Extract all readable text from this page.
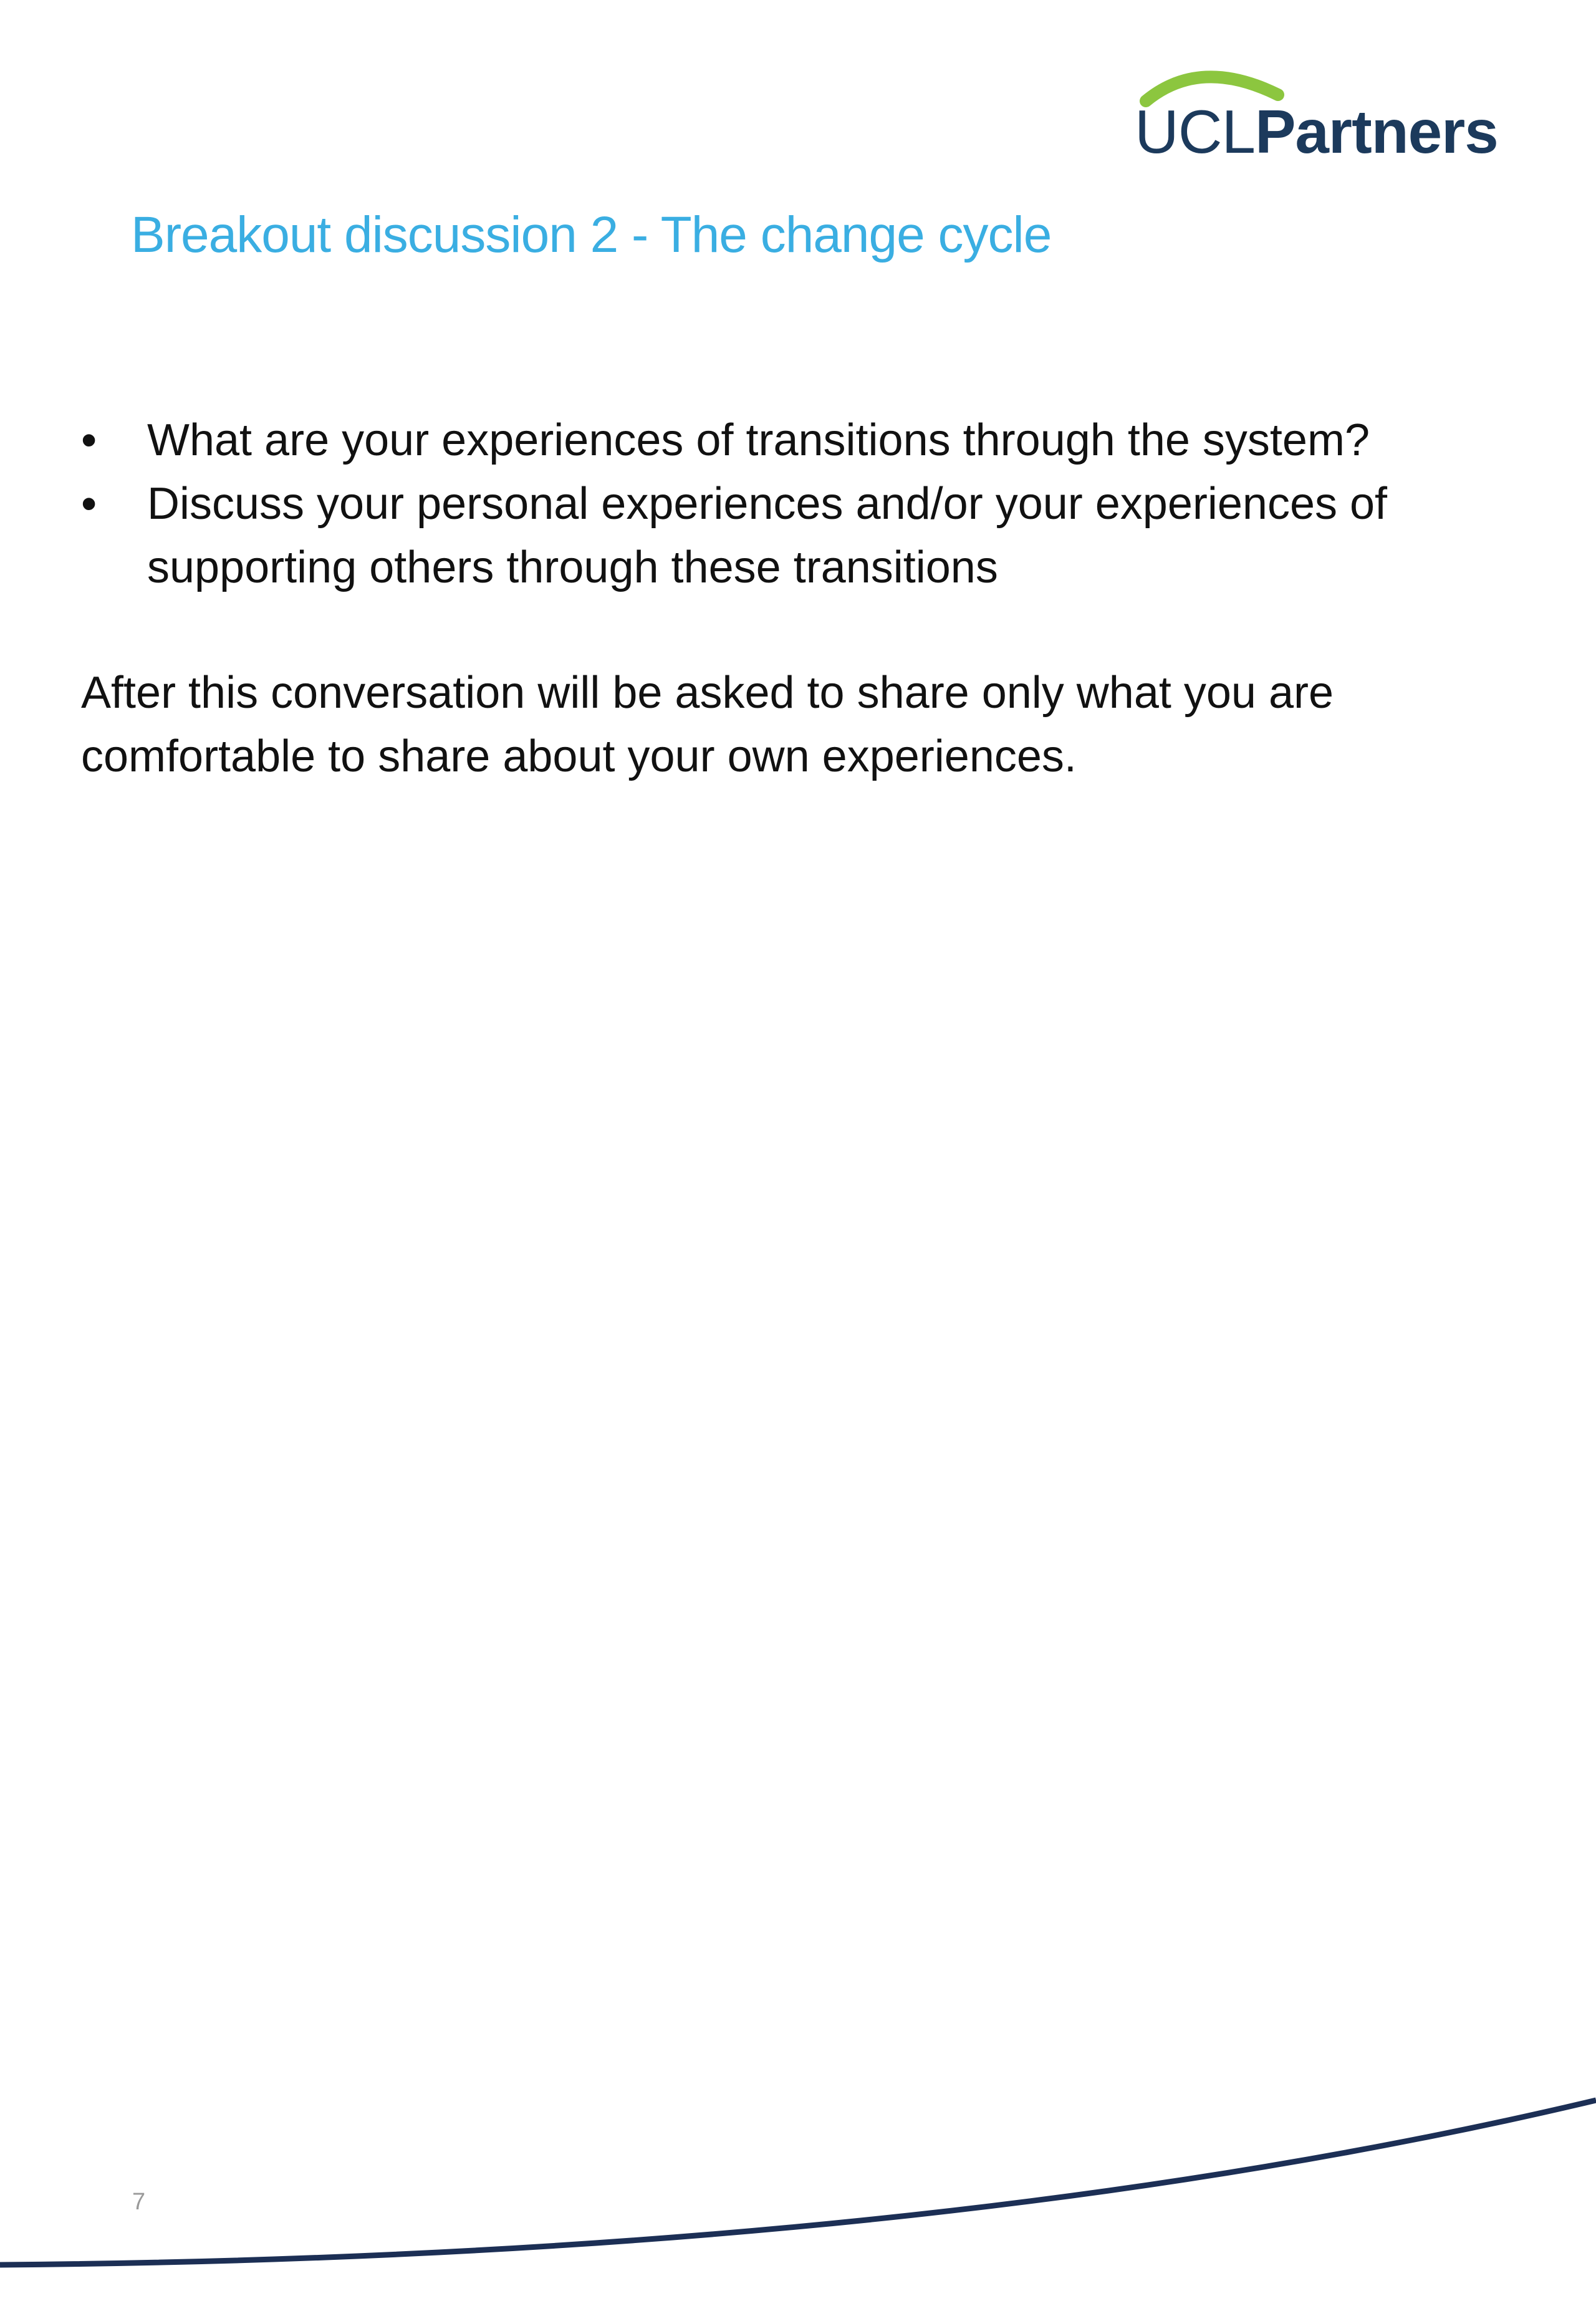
UCLPartners
Breakout discussion 2 - The change cycle
• What are your experiences of transitions through the system?
• Discuss your personal experiences and/or your experiences of supporting others through these transitions

After this conversation will be asked to share only what you are comfortable to share about your own experiences.

7
